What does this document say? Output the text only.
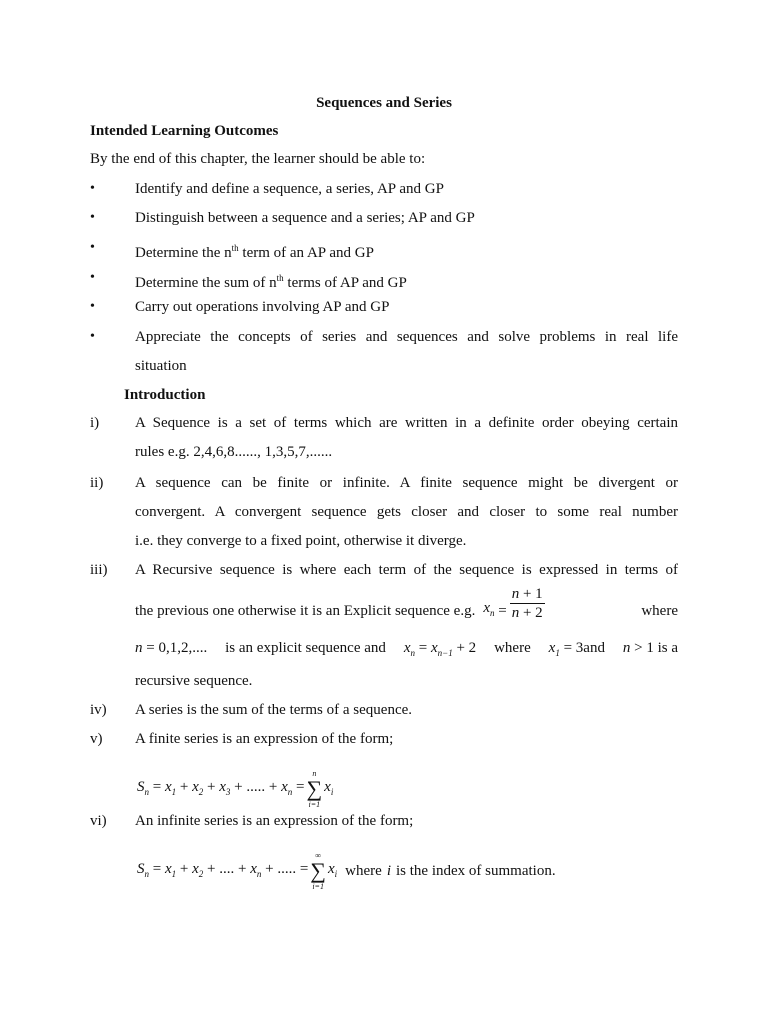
Sequences and Series
Intended Learning Outcomes
By the end of this chapter, the learner should be able to:
•	Identify and define a sequence, a series, AP and GP
•	Distinguish between a sequence and a series; AP and GP
•	Determine the $n^{th}$ term of an AP and GP
•	Determine the sum of $n^{th}$ terms of AP and GP
•	Carry out operations involving AP and GP
•	Appreciate the concepts of series and sequences and solve problems in real life
situation
Introduction
i) A Sequence is a set of terms which are written in a definite order obeying certain
rules e.g. 2,4,6,8......, 1,3,5,7,......
ii) A sequence can be finite or infinite. A finite sequence might be divergent or
convergent. A convergent sequence gets closer and closer to some real number
i.e. they converge to a fixed point, otherwise it diverge.
iii) A Recursive sequence is where each term of the sequence is expressed in terms of
the previous one otherwise it is an Explicit sequence e.g. $x_n = \frac{n + 1}{n + 2}$	where
n = 0,1,2,.... is an explicit sequence and $x_n = x_{n-1} + 2$ where $x_1 = 3and$ n > 1 is a
recursive sequence.
iv) A series is the sum of the terms of a sequence.
v) A finite series is an expression of the form;
$S_n = x_1 + x_2 + x_3$ + ..... + $x_n$ =
n
∑
i=1
$x_i$
vi) An infinite series is an expression of the form;
$S_n = x_1 + x_2$ + .... + $x_n$ + ..... =
∞
∑
i=1
$x_i$ where i is the index of summation.
